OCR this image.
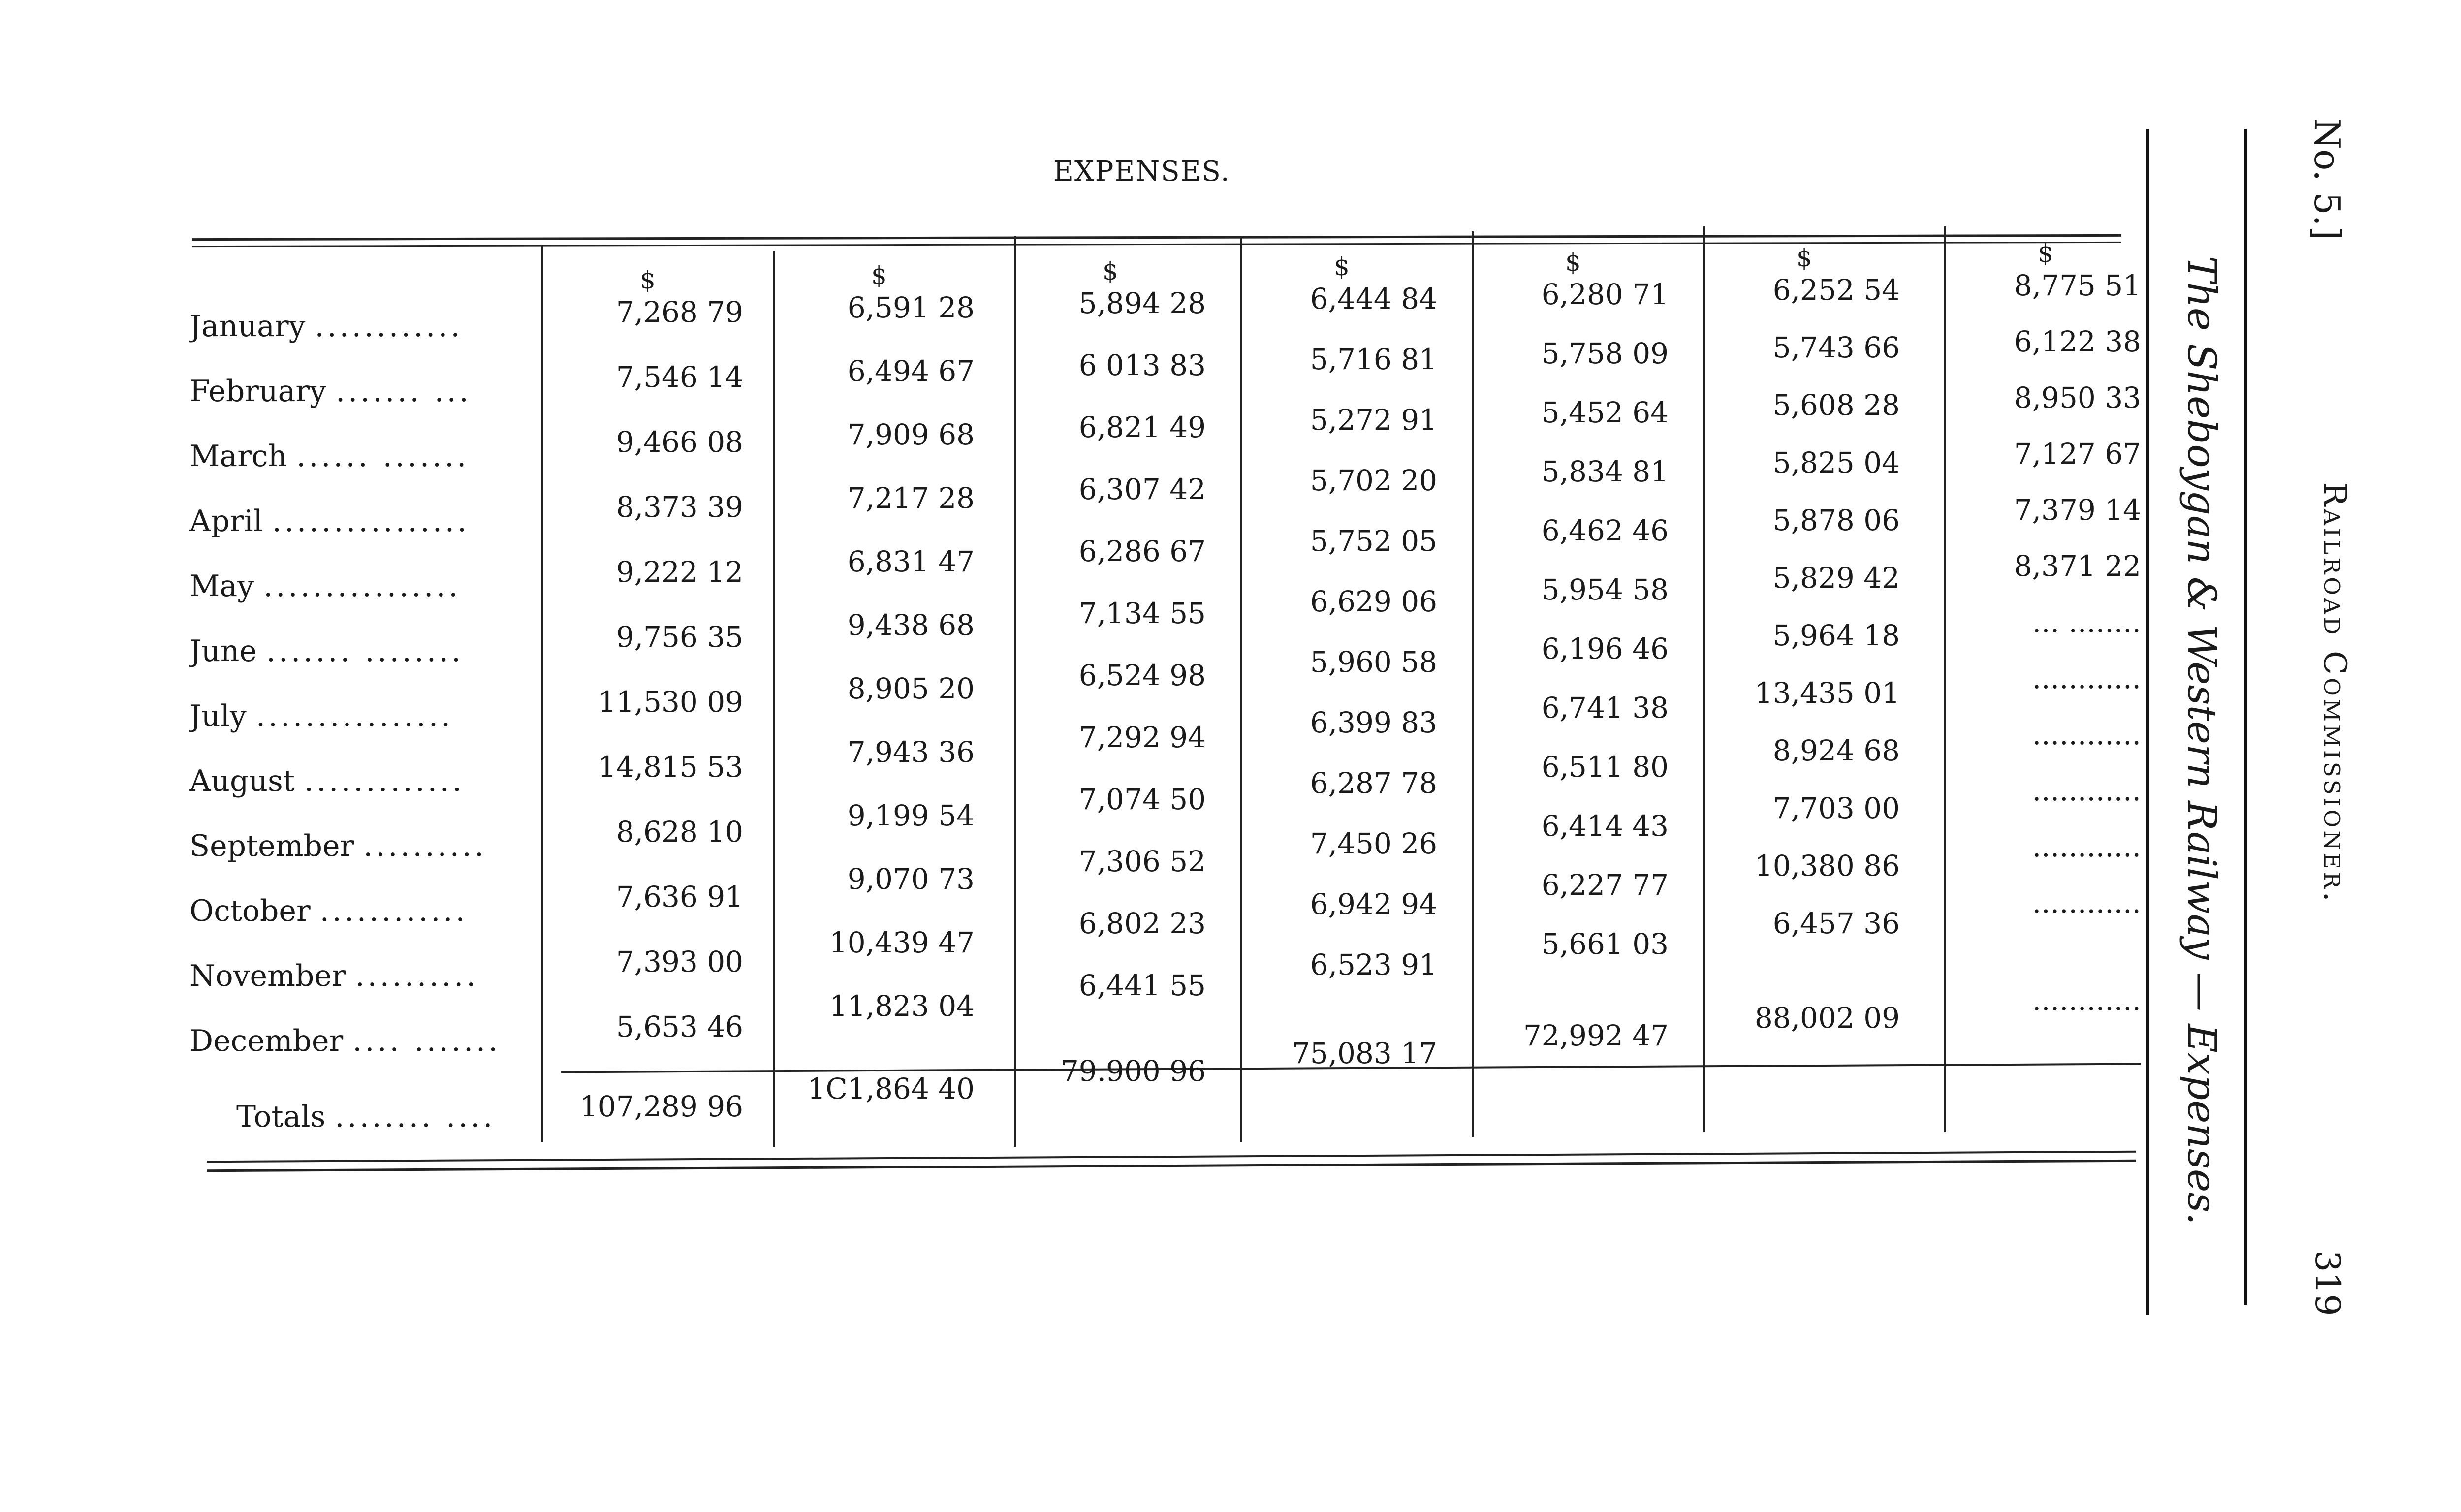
EXPENSES.
January ............
February ....... ...
March ...... .......
April ................
May ................
June ....... ........
July ................
August .............
September ..........
October ............
November ..........
December .... .......
Totals ........ ....
$
7,268 79
7,546 14
9,466 08
8,373 39
9,222 12
9,756 35
11,530 09
14,815 53
8,628 10
7,636 91
7,393 00
5,653 46
107,289 96
$
6,591 28
6,494 67
7,909 68
7,217 28
6,831 47
9,438 68
8,905 20
7,943 36
9,199 54
9,070 73
10,439 47
11,823 04
1C1,864 40
$
5,894 28
6 013 83
6,821 49
6,307 42
6,286 67
7,134 55
6,524 98
7,292 94
7,074 50
7,306 52
6,802 23
6,441 55
79.900 96
$
6,444 84
5,716 81
5,272 91
5,702 20
5,752 05
6,629 06
5,960 58
6,399 83
6,287 78
7,450 26
6,942 94
6,523 91
75,083 17
$
6,280 71
5,758 09
5,452 64
5,834 81
6,462 46
5,954 58
6,196 46
6,741 38
6,511 80
6,414 43
6,227 77
5,661 03
72,992 47
$
6,252 54
5,743 66
5,608 28
5,825 04
5,878 06
5,829 42
5,964 18
13,435 01
8,924 68
7,703 00
10,380 86
6,457 36
88,002 09
$
8,775 51
6,122 38
8,950 33
7,127 67
7,379 14
8,371 22
... ........
............
............
............
............
............
............
No. 5.]
Railroad Commissioner.
319
The Sheboygan & Western Railway — Expenses.
